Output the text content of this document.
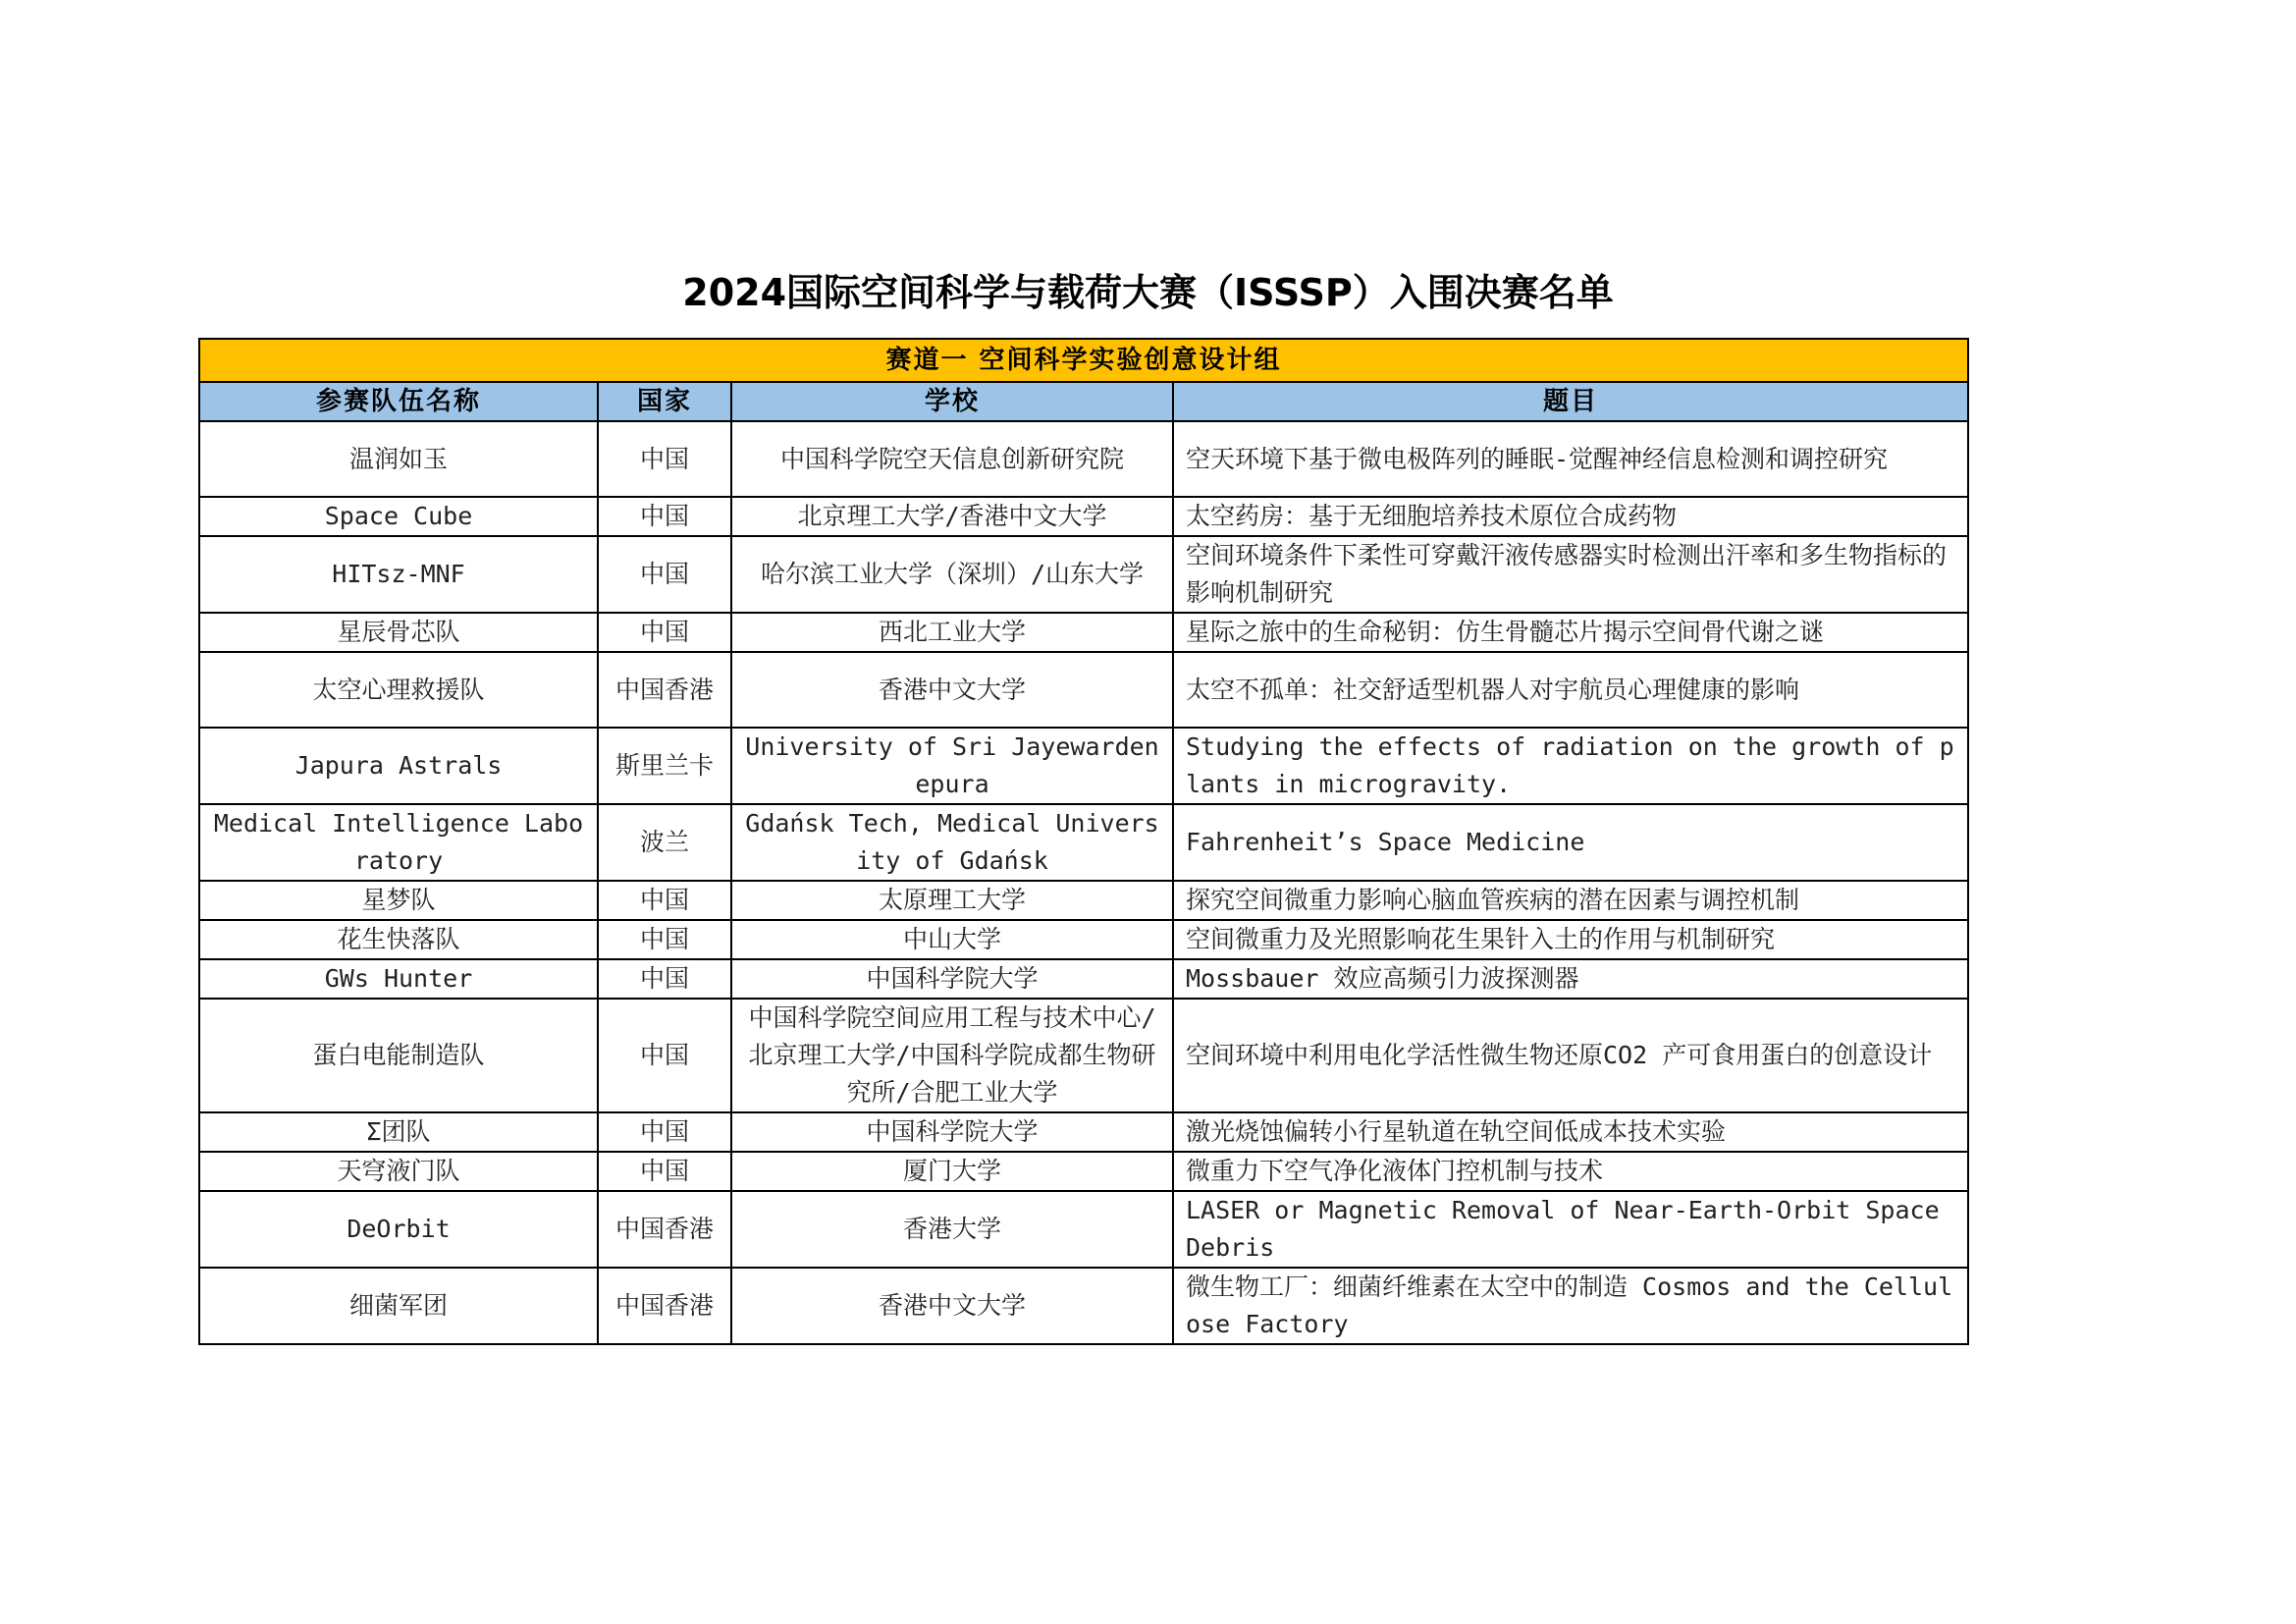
2024国际空间科学与载荷大赛（ISSSP）入围决赛名单
赛道一 空间科学实验创意设计组			
参赛队伍名称	国家	学校	题目
温润如玉	中国	中国科学院空天信息创新研究院	空天环境下基于微电极阵列的睡眠-觉醒神经信息检测和调控研究
Space Cube	中国	北京理工大学/香港中文大学	太空药房：基于无细胞培养技术原位合成药物
HITsz-MNF	中国	哈尔滨工业大学（深圳）/山东大学	空间环境条件下柔性可穿戴汗液传感器实时检测出汗率和多生物指标的影响机制研究
星辰骨芯队	中国	西北工业大学	星际之旅中的生命秘钥：仿生骨髓芯片揭示空间骨代谢之谜
太空心理救援队	中国香港	香港中文大学	太空不孤单：社交舒适型机器人对宇航员心理健康的影响
Japura Astrals	斯里兰卡	University of Sri Jayewardenepura	Studying the effects of radiation on the growth of plants in microgravity.
Medical Intelligence Laboratory	波兰	Gdańsk Tech, Medical University of Gdańsk	Fahrenheit’s Space Medicine
星梦队	中国	太原理工大学	探究空间微重力影响心脑血管疾病的潜在因素与调控机制
花生快落队	中国	中山大学	空间微重力及光照影响花生果针入土的作用与机制研究
GWs Hunter	中国	中国科学院大学	Mossbauer 效应高频引力波探测器
蛋白电能制造队	中国	中国科学院空间应用工程与技术中心/北京理工大学/中国科学院成都生物研究所/合肥工业大学	空间环境中利用电化学活性微生物还原CO2 产可食用蛋白的创意设计
Σ团队	中国	中国科学院大学	激光烧蚀偏转小行星轨道在轨空间低成本技术实验
天穹液门队	中国	厦门大学	微重力下空气净化液体门控机制与技术
DeOrbit	中国香港	香港大学	LASER or Magnetic Removal of Near-Earth-Orbit Space Debris
细菌军团	中国香港	香港中文大学	微生物工厂：细菌纤维素在太空中的制造 Cosmos and the Cellulose Factory
